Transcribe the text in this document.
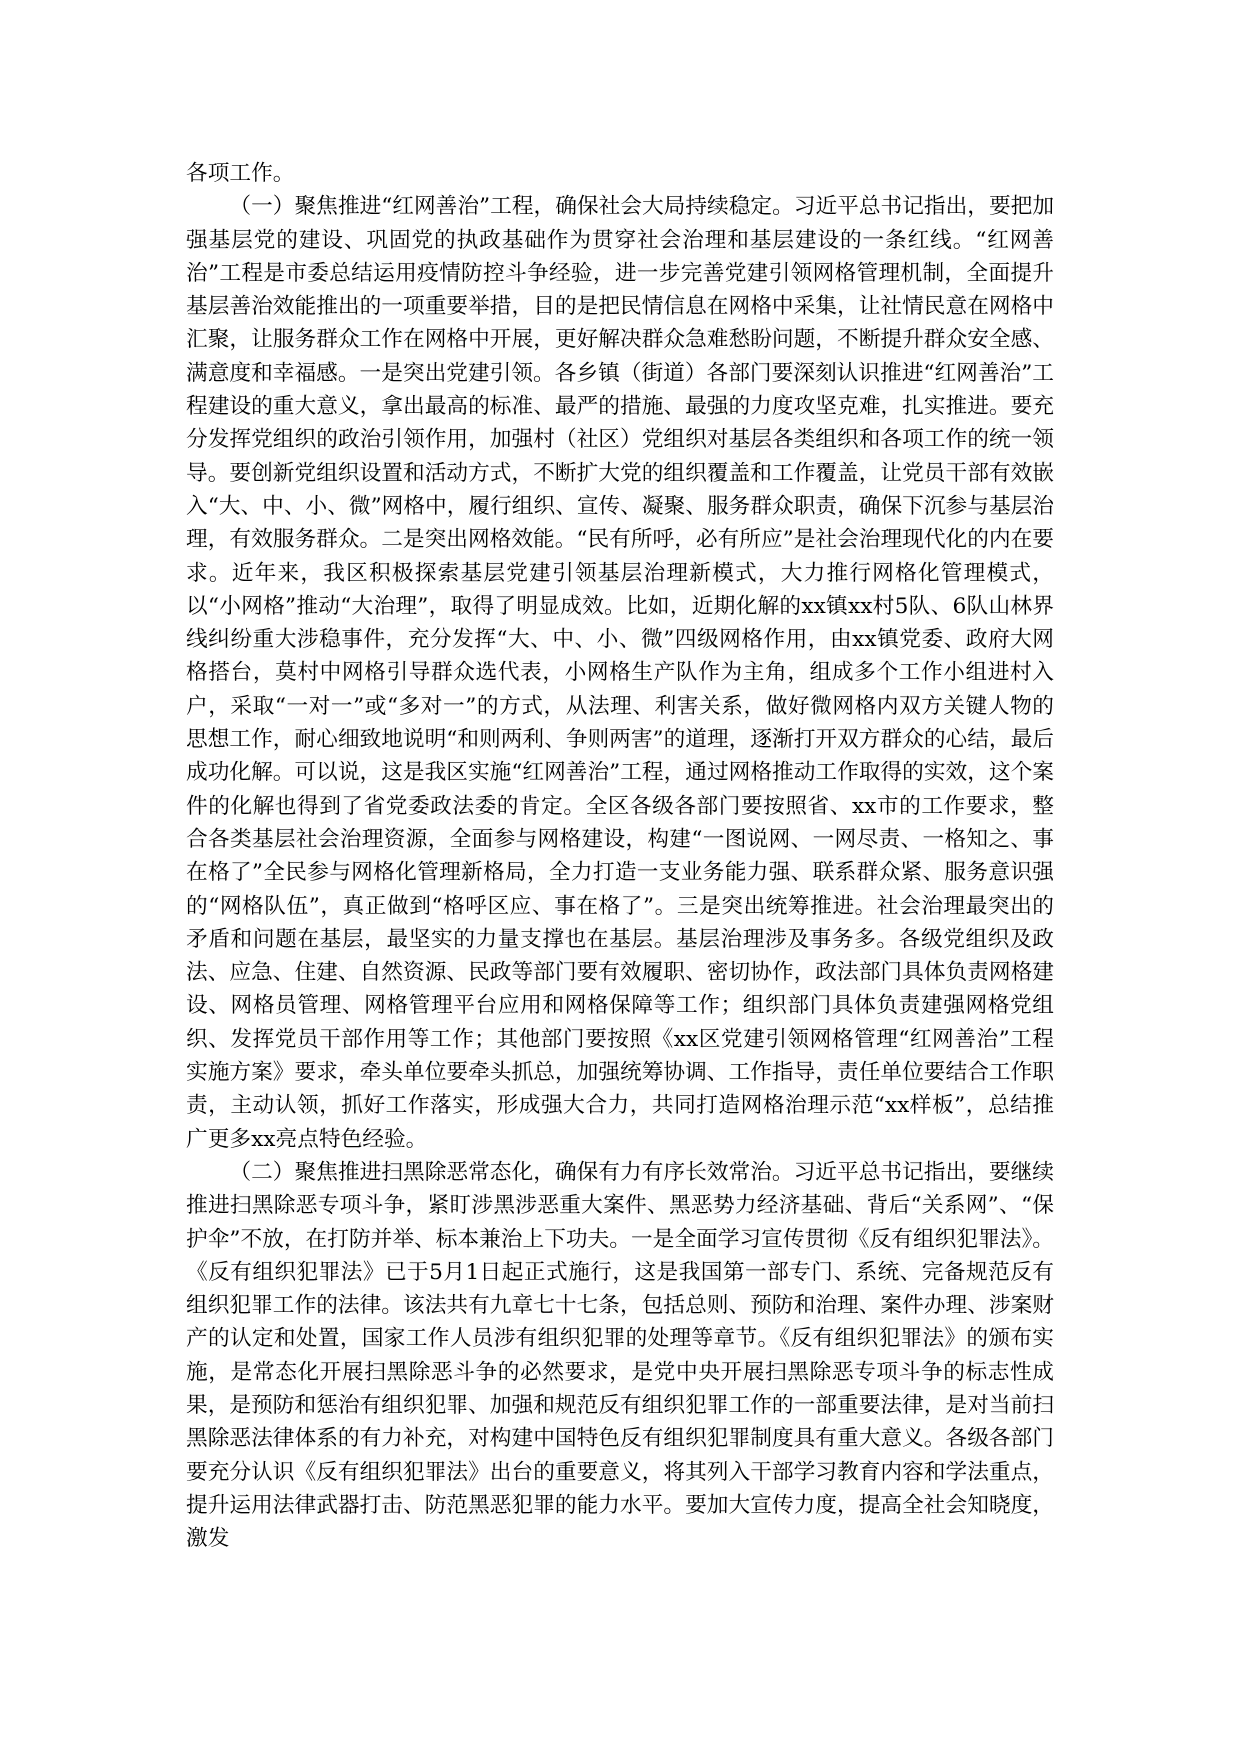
各项工作。

（一）聚焦推进“红网善治”工程，确保社会大局持续稳定。习近平总书记指出，要把加强基层党的建设、巩固党的执政基础作为贯穿社会治理和基层建设的一条红线。“红网善治”工程是市委总结运用疫情防控斗争经验，进一步完善党建引领网格管理机制，全面提升基层善治效能推出的一项重要举措，目的是把民情信息在网格中采集，让社情民意在网格中汇聚，让服务群众工作在网格中开展，更好解决群众急难愁盼问题，不断提升群众安全感、满意度和幸福感。一是突出党建引领。各乡镇（街道）各部门要深刻认识推进“红网善治”工程建设的重大意义，拿出最高的标准、最严的措施、最强的力度攻坚克难，扎实推进。要充分发挥党组织的政治引领作用，加强村（社区）党组织对基层各类组织和各项工作的统一领导。要创新党组织设置和活动方式，不断扩大党的组织覆盖和工作覆盖，让党员干部有效嵌入“大、中、小、微”网格中，履行组织、宣传、凝聚、服务群众职责，确保下沉参与基层治理，有效服务群众。二是突出网格效能。“民有所呼，必有所应”是社会治理现代化的内在要求。近年来，我区积极探索基层党建引领基层治理新模式，大力推行网格化管理模式，以“小网格”推动“大治理”，取得了明显成效。比如，近期化解的xx镇xx村5队、6队山林界线纠纷重大涉稳事件，充分发挥“大、中、小、微”四级网格作用，由xx镇党委、政府大网格搭台，莫村中网格引导群众选代表，小网格生产队作为主角，组成多个工作小组进村入户，采取“一对一”或“多对一”的方式，从法理、利害关系，做好微网格内双方关键人物的思想工作，耐心细致地说明“和则两利、争则两害”的道理，逐渐打开双方群众的心结，最后成功化解。可以说，这是我区实施“红网善治”工程，通过网格推动工作取得的实效，这个案件的化解也得到了省党委政法委的肯定。全区各级各部门要按照省、xx市的工作要求，整合各类基层社会治理资源，全面参与网格建设，构建“一图说网、一网尽责、一格知之、事在格了”全民参与网格化管理新格局，全力打造一支业务能力强、联系群众紧、服务意识强的“网格队伍”，真正做到“格呼区应、事在格了”。三是突出统筹推进。社会治理最突出的矛盾和问题在基层，最坚实的力量支撑也在基层。基层治理涉及事务多。各级党组织及政法、应急、住建、自然资源、民政等部门要有效履职、密切协作，政法部门具体负责网格建设、网格员管理、网格管理平台应用和网格保障等工作；组织部门具体负责建强网格党组织、发挥党员干部作用等工作；其他部门要按照《xx区党建引领网格管理“红网善治”工程实施方案》要求，牵头单位要牵头抓总，加强统筹协调、工作指导，责任单位要结合工作职责，主动认领，抓好工作落实，形成强大合力，共同打造网格治理示范“xx样板”，总结推广更多xx亮点特色经验。

（二）聚焦推进扫黑除恶常态化，确保有力有序长效常治。习近平总书记指出，要继续推进扫黑除恶专项斗争，紧盯涉黑涉恶重大案件、黑恶势力经济基础、背后“关系网”、“保护伞”不放，在打防并举、标本兼治上下功夫。一是全面学习宣传贯彻《反有组织犯罪法》。《反有组织犯罪法》已于5月1日起正式施行，这是我国第一部专门、系统、完备规范反有组织犯罪工作的法律。该法共有九章七十七条，包括总则、预防和治理、案件办理、涉案财产的认定和处置，国家工作人员涉有组织犯罪的处理等章节。《反有组织犯罪法》的颁布实施，是常态化开展扫黑除恶斗争的必然要求，是党中央开展扫黑除恶专项斗争的标志性成果，是预防和惩治有组织犯罪、加强和规范反有组织犯罪工作的一部重要法律，是对当前扫黑除恶法律体系的有力补充，对构建中国特色反有组织犯罪制度具有重大意义。各级各部门要充分认识《反有组织犯罪法》出台的重要意义，将其列入干部学习教育内容和学法重点，提升运用法律武器打击、防范黑恶犯罪的能力水平。要加大宣传力度，提高全社会知晓度，激发
